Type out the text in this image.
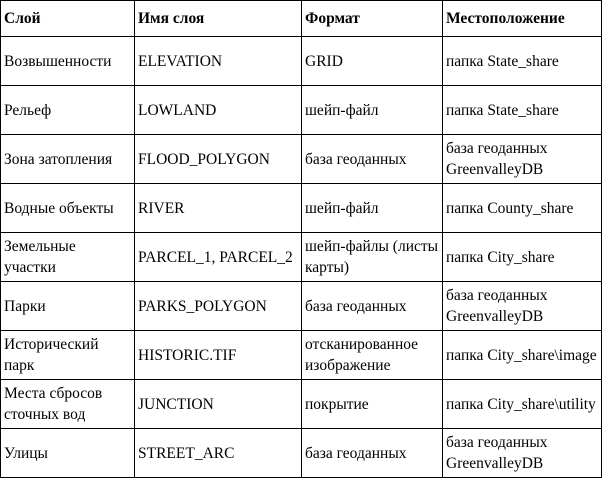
Слой	Имя слоя	Формат	Местоположение
Возвышенности	ELEVATION	GRID	папка State_share
Рельеф	LOWLAND	шейп-файл	папка State_share
Зона затопления	FLOOD_POLYGON	база геоданных	база геоданных GreenvalleyDB
Водные объекты	RIVER	шейп-файл	папка County_share
Земельные участки	PARCEL_1, PARCEL_2	шейп-файлы (листы карты)	папка City_share
Парки	PARKS_POLYGON	база геоданных	база геоданных GreenvalleyDB
Исторический парк	HISTORIC.TIF	отсканированное изображение	папка City_share\image
Места сбросов сточных вод	JUNCTION	покрытие	папка City_share\utility
Улицы	STREET_ARC	база геоданных	база геоданных GreenvalleyDB
